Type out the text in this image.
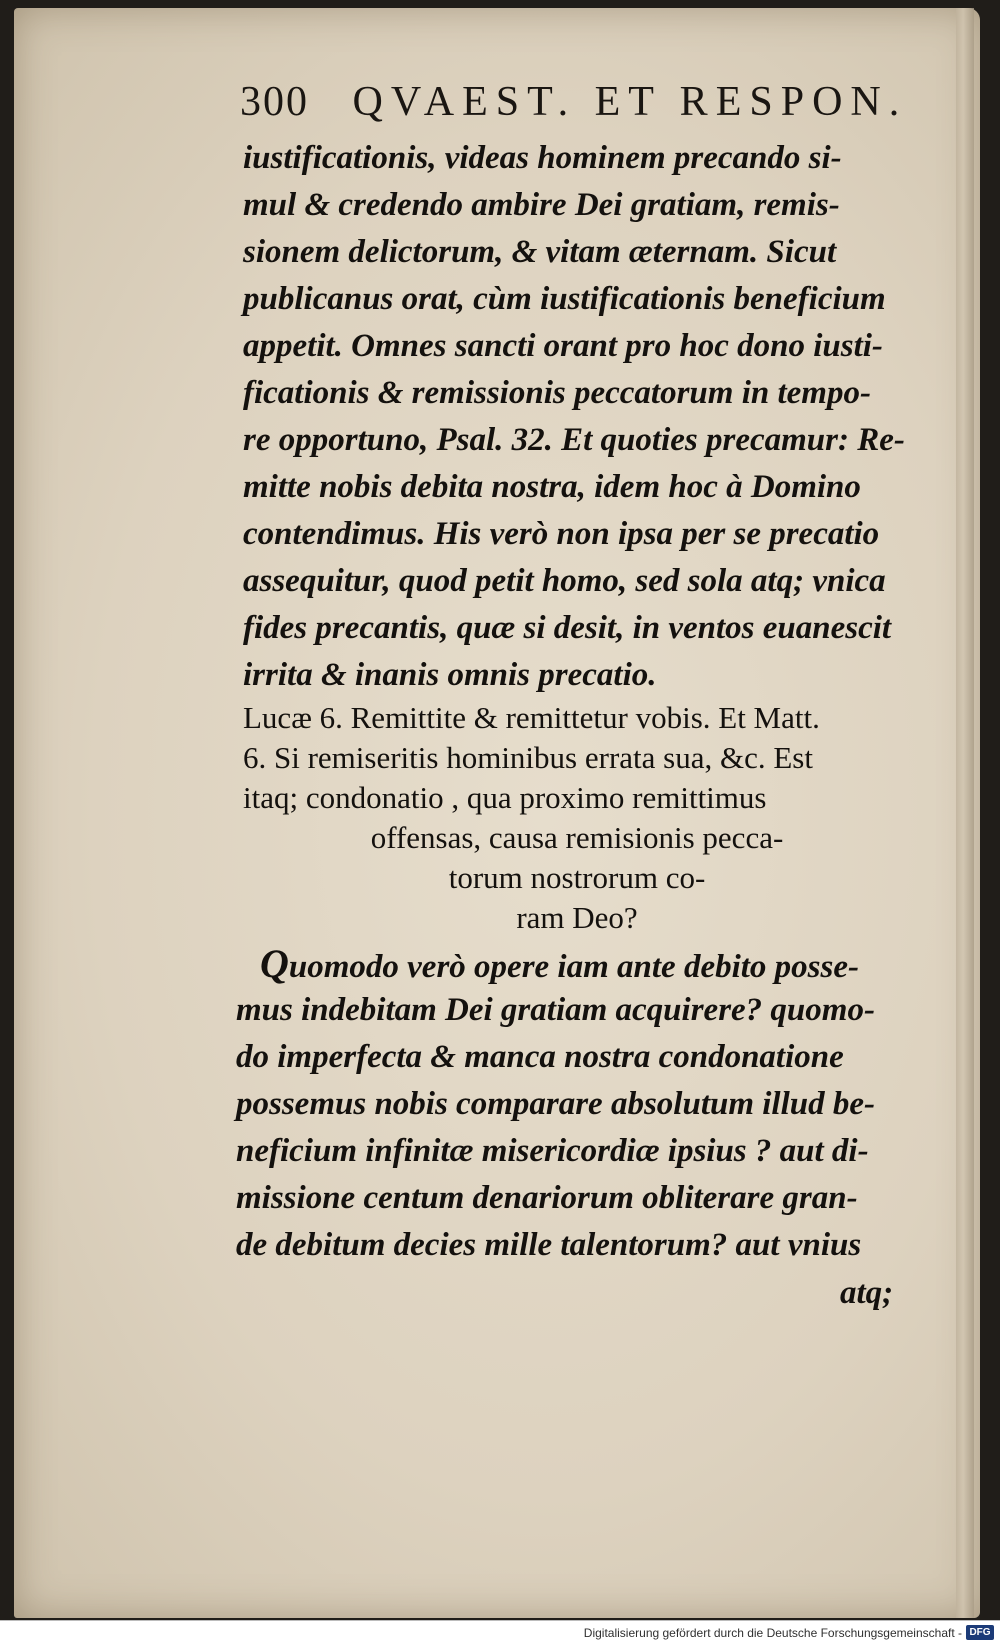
300 QVAEST. ET RESPON.
iustificationis, videas hominem precando si-
mul & credendo ambire Dei gratiam, remis-
sionem delictorum, & vitam æternam. Sicut
publicanus orat, cùm iustificationis beneficium
appetit. Omnes sancti orant pro hoc dono iusti-
ficationis & remissionis peccatorum in tempo-
re opportuno, Psal. 32. Et quoties precamur: Re-
mitte nobis debita nostra, idem hoc à Domino
contendimus. His verò non ipsa per se precatio
assequitur, quod petit homo, sed sola atq; vnica
fides precantis, quæ si desit, in ventos euanescit
irrita & inanis omnis precatio.
Lucæ 6. Remittite & remittetur vobis. Et Matt.
6. Si remiseritis hominibus errata sua, &c. Est
itaq; condonatio , qua proximo remittimus
offensas, causa remisionis pecca-
torum nostrorum co-
ram Deo?
Quomodo verò opere iam ante debito posse-
mus indebitam Dei gratiam acquirere? quomo-
do imperfecta & manca nostra condonatione
possemus nobis comparare absolutum illud be-
neficium infinitæ misericordiæ ipsius ? aut di-
missione centum denariorum obliterare gran-
de debitum decies mille talentorum? aut vnius
atq;
Digitalisierung gefördert durch die Deutsche Forschungsgemeinschaft - DFG
